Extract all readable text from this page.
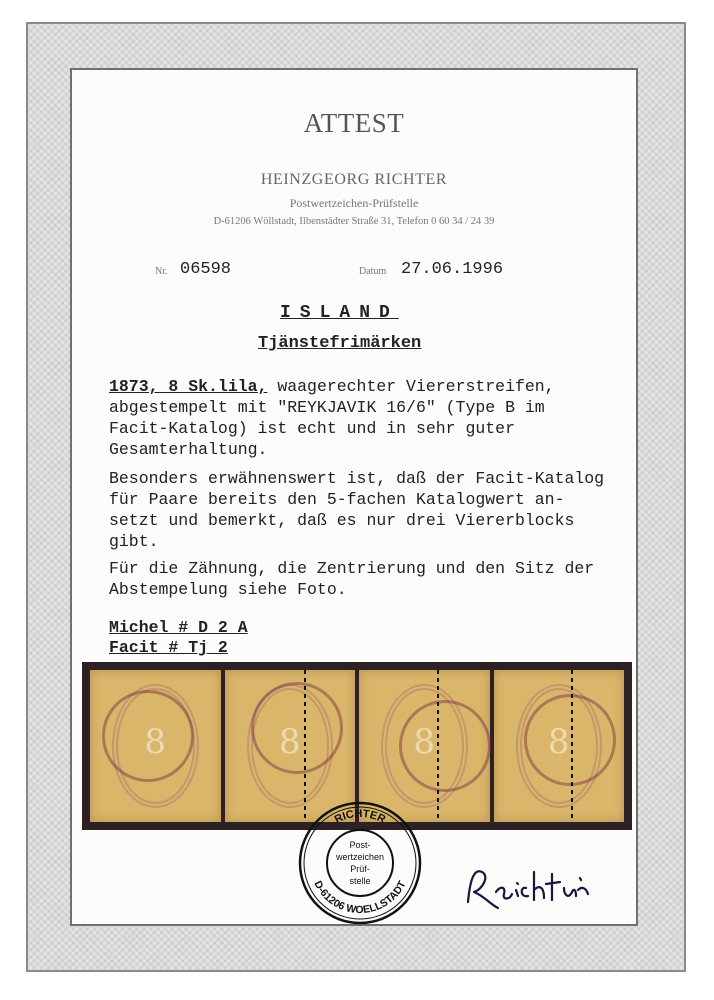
ATTEST
HEINZGEORG RICHTER
Postwertzeichen-Prüfstelle
D-61206 Wöllstadt, Ilbenstädter Straße 31, Telefon 0 60 34 / 24 39
Nr. 06598	Datum 27.06.1996
ISLAND
Tjänstefrimärken
1873, 8 Sk.lila, waagerechter Viererstreifen,
abgestempelt mit "REYKJAVIK 16/6" (Type B im
Facit-Katalog) ist echt und in sehr guter
Gesamterhaltung.
Besonders erwähnenswert ist, daß der Facit-Katalog
für Paare bereits den 5-fachen Katalogwert an-
setzt und bemerkt, daß es nur drei Viererblocks
gibt.
Für die Zähnung, die Zentrierung und den Sitz der
Abstempelung siehe Foto.
Michel # D 2 A
Facit # Tj 2
8	8	8	8
RICHTER
D-61206 WOELLSTADT
Post-
wertzeichen
Prüf-
stelle
Richter
